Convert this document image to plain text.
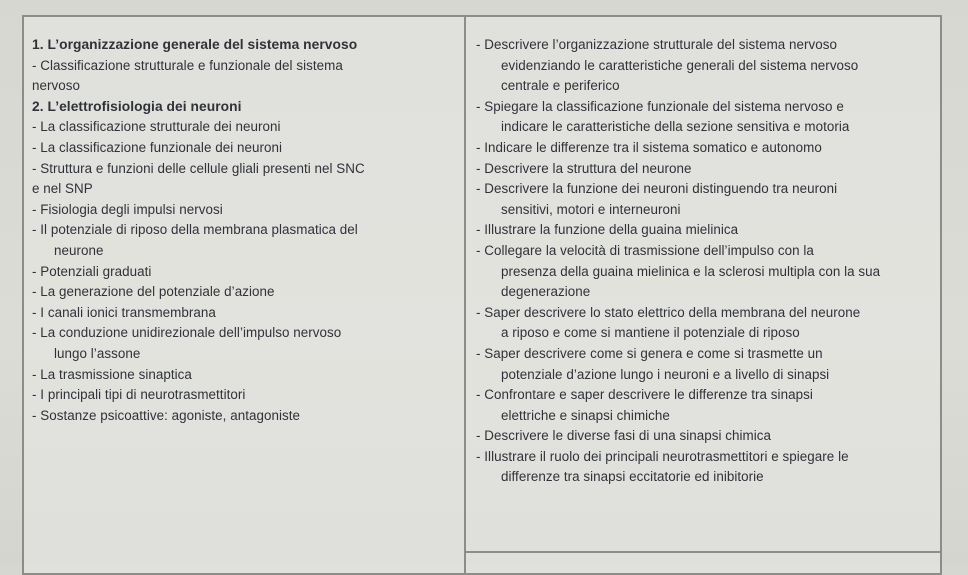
1. L’organizzazione generale del sistema nervoso
- Classificazione strutturale e funzionale del sistema
nervoso
2. L’elettrofisiologia dei neuroni
- La classificazione strutturale dei neuroni
- La classificazione funzionale dei neuroni
- Struttura e funzioni delle cellule gliali presenti nel SNC
e nel SNP
- Fisiologia degli impulsi nervosi
- Il potenziale di riposo della membrana plasmatica del
neurone
- Potenziali graduati
- La generazione del potenziale d’azione
- I canali ionici transmembrana
- La conduzione unidirezionale dell’impulso nervoso
lungo l’assone
- La trasmissione sinaptica
- I principali tipi di neurotrasmettitori
- Sostanze psicoattive: agoniste, antagoniste
- Descrivere l’organizzazione strutturale del sistema nervoso
evidenziando le caratteristiche generali del sistema nervoso
centrale e periferico
- Spiegare la classificazione funzionale del sistema nervoso e
indicare le caratteristiche della sezione sensitiva e motoria
- Indicare le differenze tra il sistema somatico e autonomo
- Descrivere la struttura del neurone
- Descrivere la funzione dei neuroni distinguendo tra neuroni
sensitivi, motori e interneuroni
- Illustrare la funzione della guaina mielinica
- Collegare la velocità di trasmissione dell’impulso con la
presenza della guaina mielinica e la sclerosi multipla con la sua
degenerazione
- Saper descrivere lo stato elettrico della membrana del neurone
a riposo e come si mantiene il potenziale di riposo
- Saper descrivere come si genera e come si trasmette un
potenziale d’azione lungo i neuroni e a livello di sinapsi
- Confrontare e saper descrivere le differenze tra sinapsi
elettriche e sinapsi chimiche
- Descrivere le diverse fasi di una sinapsi chimica
- Illustrare il ruolo dei principali neurotrasmettitori e spiegare le
differenze tra sinapsi eccitatorie ed inibitorie
